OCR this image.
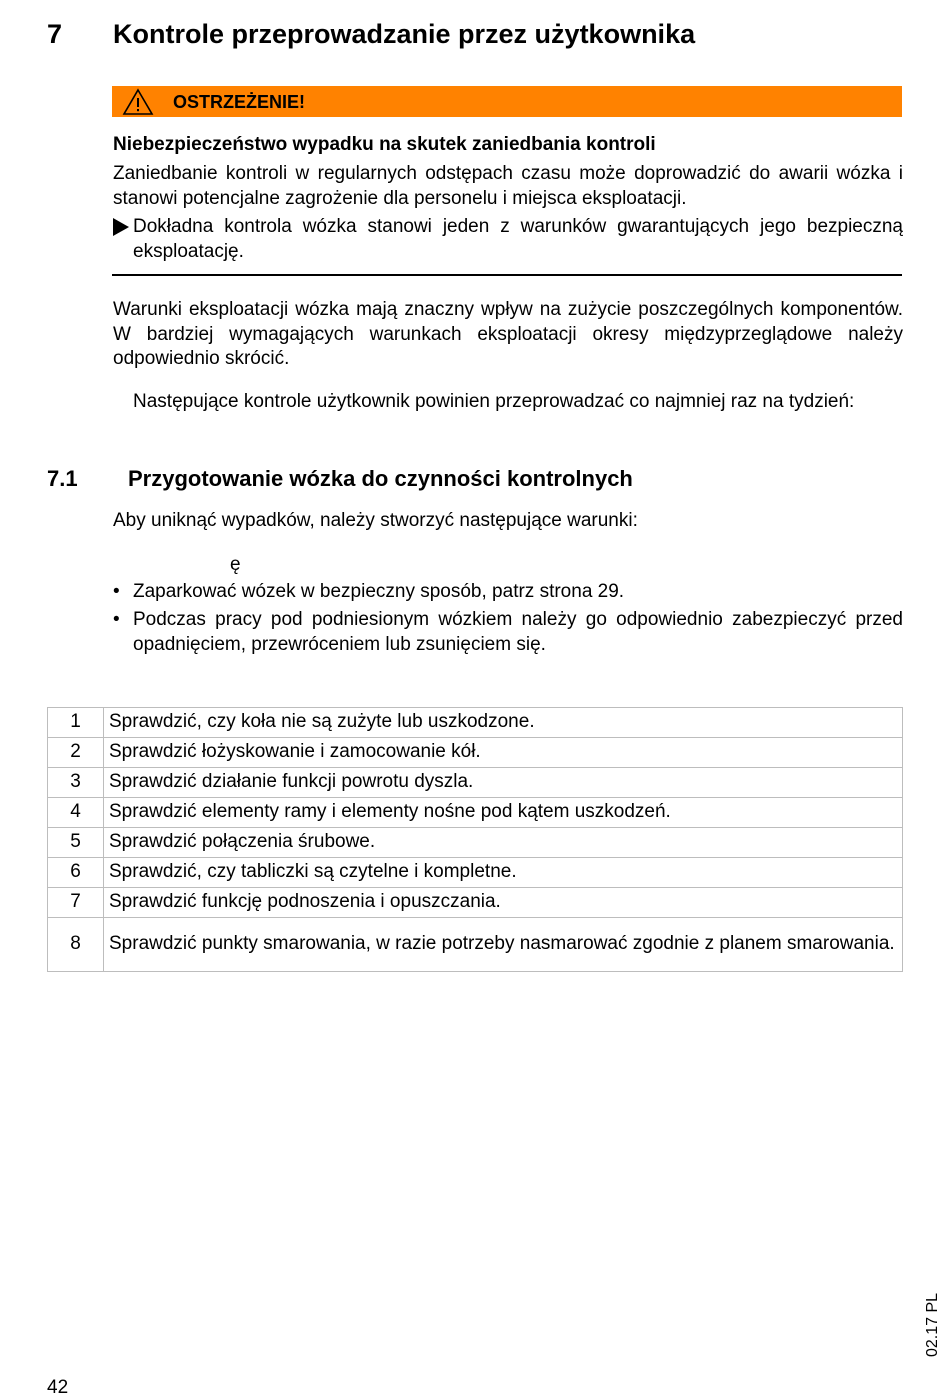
7 Kontrole przeprowadzanie przez użytkownika
OSTRZEŻENIE!
Niebezpieczeństwo wypadku na skutek zaniedbania kontroli
Zaniedbanie kontroli w regularnych odstępach czasu może doprowadzić do awarii wózka i stanowi potencjalne zagrożenie dla personelu i miejsca eksploatacji.
Dokładna kontrola wózka stanowi jeden z warunków gwarantujących jego bezpieczną eksploatację.
Warunki eksploatacji wózka mają znaczny wpływ na zużycie poszczególnych komponentów. W bardziej wymagających warunkach eksploatacji okresy międzyprzeglądowe należy odpowiednio skrócić.
Następujące kontrole użytkownik powinien przeprowadzać co najmniej raz na tydzień:
7.1 Przygotowanie wózka do czynności kontrolnych
Aby uniknąć wypadków, należy stworzyć następujące warunki:
ę
• Zaparkować wózek w bezpieczny sposób, patrz strona 29.
• Podczas pracy pod podniesionym wózkiem należy go odpowiednio zabezpieczyć przed opadnięciem, przewróceniem lub zsunięciem się.
1	Sprawdzić, czy koła nie są zużyte lub uszkodzone.
2	Sprawdzić łożyskowanie i zamocowanie kół.
3	Sprawdzić działanie funkcji powrotu dyszla.
4	Sprawdzić elementy ramy i elementy nośne pod kątem uszkodzeń.
5	Sprawdzić połączenia śrubowe.
6	Sprawdzić, czy tabliczki są czytelne i kompletne.
7	Sprawdzić funkcję podnoszenia i opuszczania.
8	Sprawdzić punkty smarowania, w razie potrzeby nasmarować zgodnie z planem smarowania.
02.17 PL
42
